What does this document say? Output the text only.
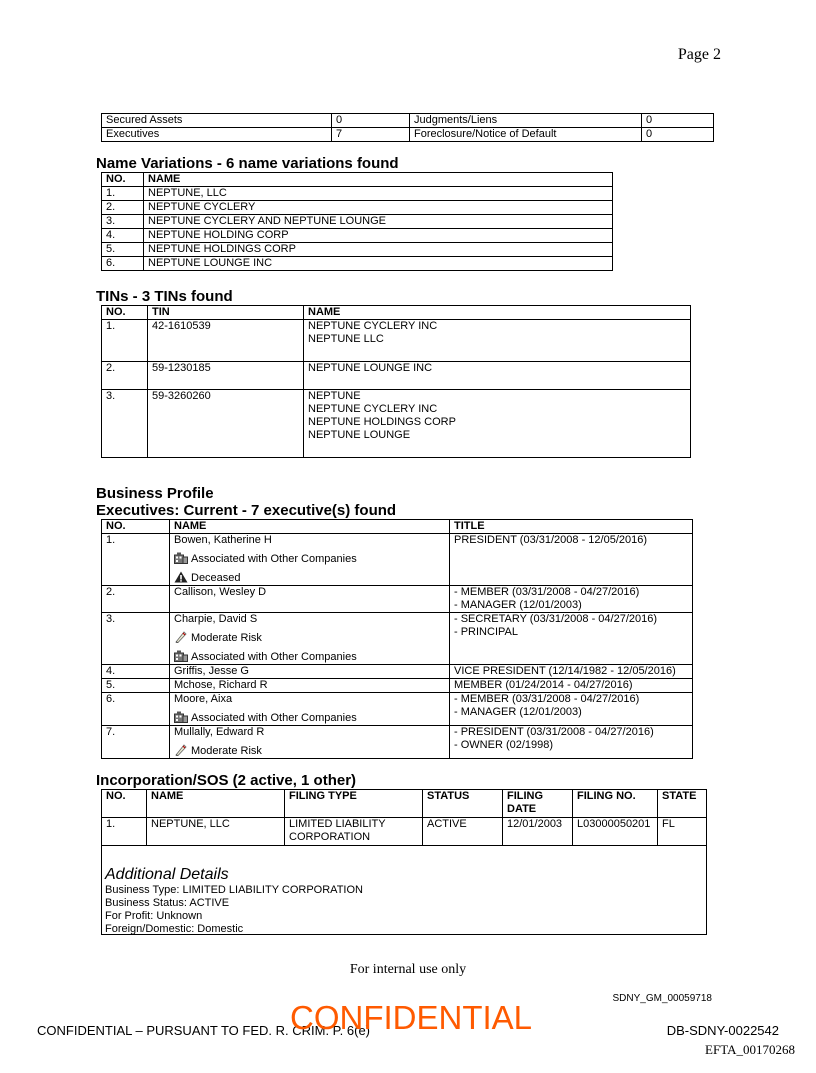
Page 2
Secured Assets	0	Judgments/Liens	0
Executives	7	Foreclosure/Notice of Default	0
Name Variations - 6 name variations found
NO.	NAME
1.	NEPTUNE, LLC
2.	NEPTUNE CYCLERY
3.	NEPTUNE CYCLERY AND NEPTUNE LOUNGE
4.	NEPTUNE HOLDING CORP
5.	NEPTUNE HOLDINGS CORP
6.	NEPTUNE LOUNGE INC
TINs - 3 TINs found
NO.	TIN	NAME
1.	42-1610539	NEPTUNE CYCLERY INC
NEPTUNE LLC

2.	59-1230185	NEPTUNE LOUNGE INC

3.	59-3260260	NEPTUNE
NEPTUNE CYCLERY INC
NEPTUNE HOLDINGS CORP
NEPTUNE LOUNGE
Business Profile
Executives: Current - 7 executive(s) found
NO.	NAME	TITLE
1.	Bowen, Katherine H
Associated with Other Companies
Deceased	PRESIDENT (03/31/2008 - 12/05/2016)

2.	Callison, Wesley D	- MEMBER (03/31/2008 - 04/27/2016)
- MANAGER (12/01/2003)

3.	Charpie, David S
Moderate Risk
Associated with Other Companies	- SECRETARY (03/31/2008 - 04/27/2016)
- PRINCIPAL

4.	Griffis, Jesse G	VICE PRESIDENT (12/14/1982 - 12/05/2016)

5.	Mchose, Richard R	MEMBER (01/24/2014 - 04/27/2016)

6.	Moore, Aixa
Associated with Other Companies	- MEMBER (03/31/2008 - 04/27/2016)
- MANAGER (12/01/2003)

7.	Mullally, Edward R
Moderate Risk	- PRESIDENT (03/31/2008 - 04/27/2016)
- OWNER (02/1998)
Incorporation/SOS (2 active, 1 other)
NO.	NAME	FILING TYPE	STATUS	FILING DATE	FILING NO.	STATE
1.	NEPTUNE, LLC	LIMITED LIABILITY CORPORATION	ACTIVE	12/01/2003	L03000050201	FL
Additional Details
Business Type: LIMITED LIABILITY CORPORATION
Business Status: ACTIVE
For Profit: Unknown
Foreign/Domestic: Domestic
For internal use only
SDNY_GM_00059718
CONFIDENTIAL – PURSUANT TO FED. R. CRIM. P. 6(e)
CONFIDENTIAL	DB-SDNY-0022542
EFTA_00170268
